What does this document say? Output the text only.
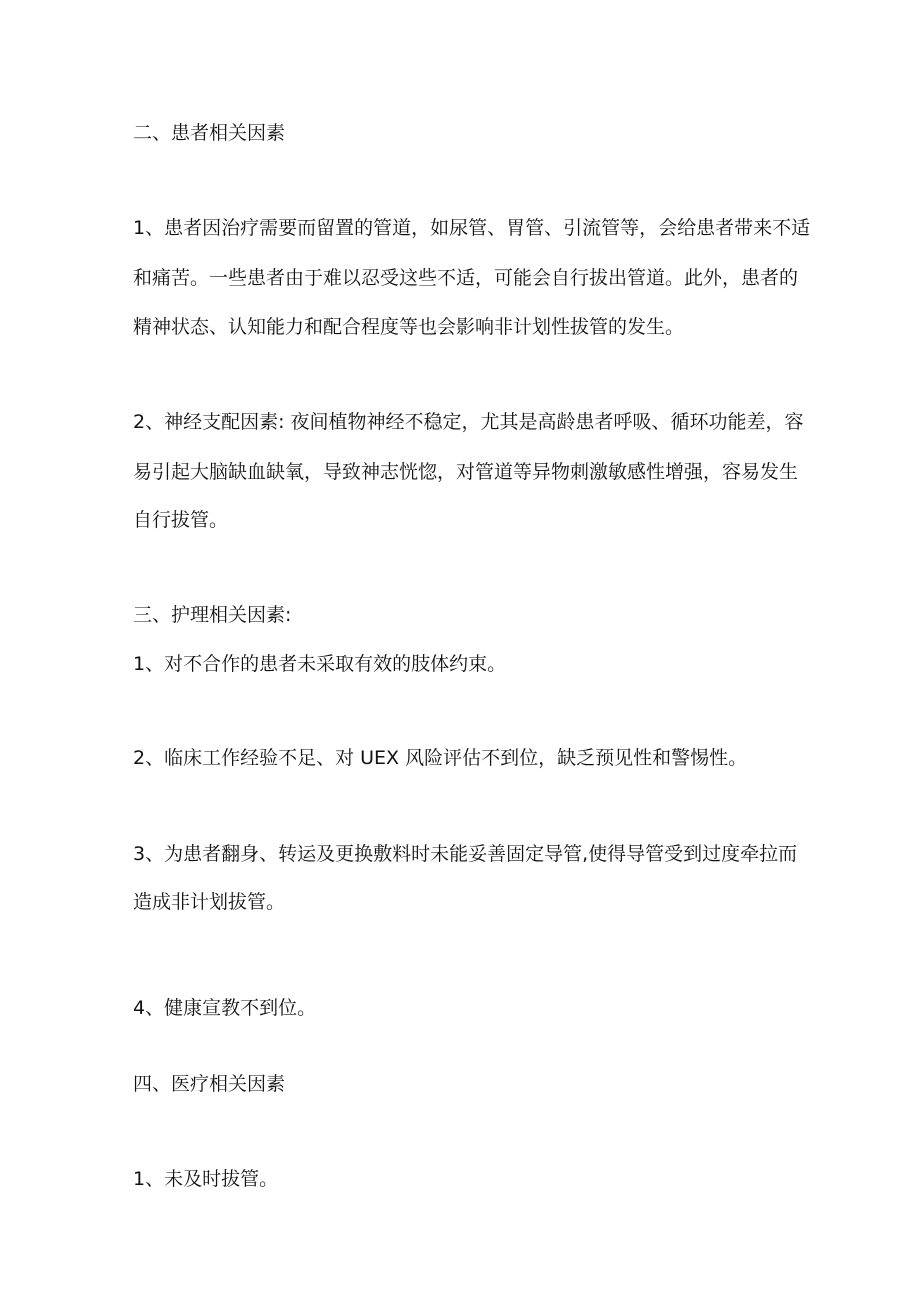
二、患者相关因素

1、患者因治疗需要而留置的管道，如尿管、胃管、引流管等，会给患者带来不适

和痛苦。一些患者由于难以忍受这些不适，可能会自行拔出管道。此外，患者的

精神状态、认知能力和配合程度等也会影响非计划性拔管的发生。

2、神经支配因素: 夜间植物神经不稳定，尤其是高龄患者呼吸、循环功能差，容

易引起大脑缺血缺氧，导致神志恍惚，对管道等异物刺激敏感性增强，容易发生

自行拔管。

三、护理相关因素:

1、对不合作的患者未采取有效的肢体约束。

2、临床工作经验不足、对 UEX 风险评估不到位，缺乏预见性和警惕性。

3、为患者翻身、转运及更换敷料时未能妥善固定导管,使得导管受到过度牵拉而

造成非计划拔管。

4、健康宣教不到位。

四、医疗相关因素

1、未及时拔管。
